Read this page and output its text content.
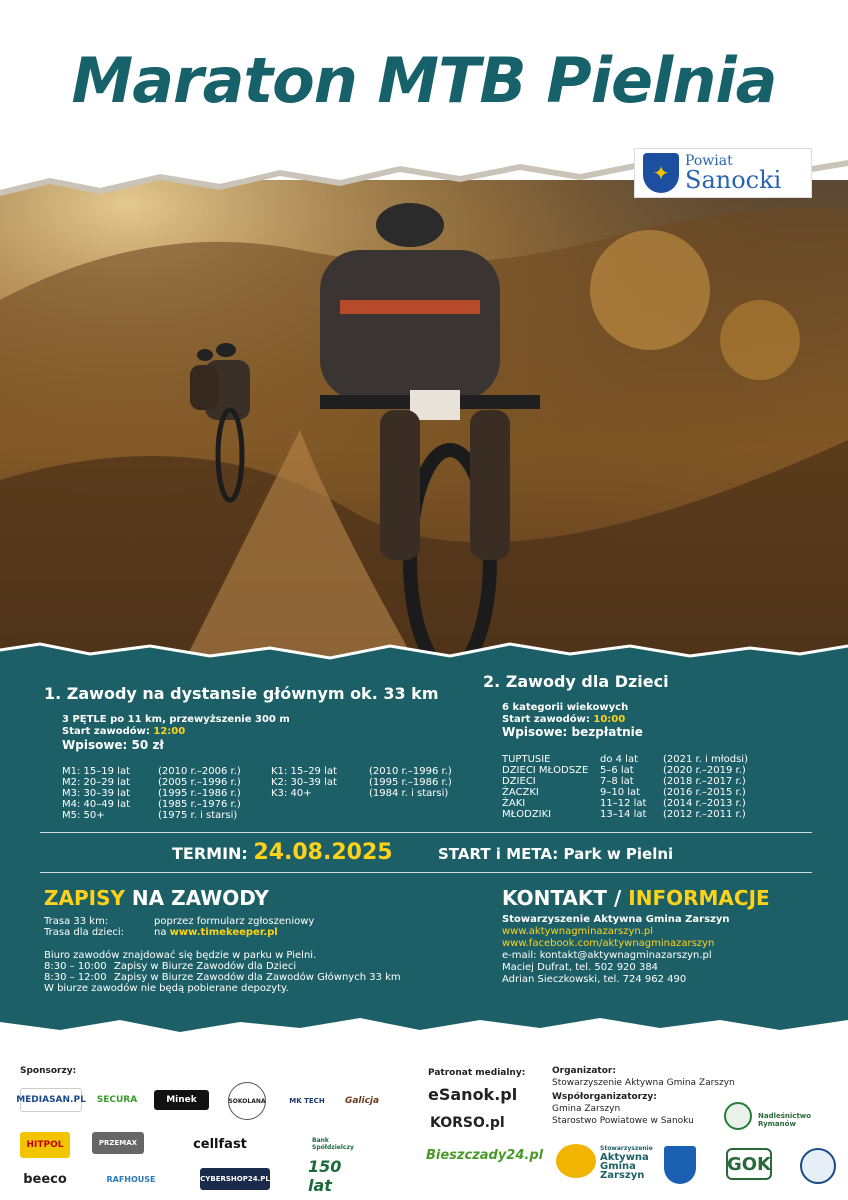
Maraton MTB Pielnia
✦	Powiat
Sanocki
1. Zawody na dystansie głównym ok. 33 km
3 PĘTLE po 11 km, przewyższenie 300 m
Start zawodów: 12:00
Wpisowe: 50 zł
M1: 15–19 lat	(2010 r.–2006 r.)
M2: 20–29 lat	(2005 r.–1996 r.)
M3: 30–39 lat	(1995 r.–1986 r.)
M4: 40–49 lat	(1985 r.–1976 r.)
M5: 50+	(1975 r. i starsi)
K1: 15–29 lat	(2010 r.–1996 r.)
K2: 30–39 lat	(1995 r.–1986 r.)
K3: 40+	(1984 r. i starsi)
2. Zawody dla Dzieci
6 kategorii wiekowych
Start zawodów: 10:00
Wpisowe: bezpłatnie
TUPTUSIE	do 4 lat (2021 r. i młodsi)
DZIECI MŁODSZE 5–6 lat	(2020 r.–2019 r.)
DZIECI	7–8 lat	(2018 r.–2017 r.)
ŻACZKI	9–10 lat (2016 r.–2015 r.)
ŻAKI	11–12 lat (2014 r.–2013 r.)
MŁODZIKI	13–14 lat (2012 r.–2011 r.)
TERMIN: 24.08.2025	START i META: Park w Pielni
ZAPISY NA ZAWODY
Trasa 33 km:	poprzez formularz zgłoszeniowy
Trasa dla dzieci:	na www.timekeeper.pl
Biuro zawodów znajdować się będzie w parku w Pielni.
8:30 – 10:00 Zapisy w Biurze Zawodów dla Dzieci
8:30 – 12:00 Zapisy w Biurze Zawodów dla Zawodów Głównych 33 km
W biurze zawodów nie będą pobierane depozyty.
KONTAKT / INFORMACJE
Stowarzyszenie Aktywna Gmina Zarszyn
www.aktywnagminazarszyn.pl
www.facebook.com/aktywnagminazarszyn
e-mail: kontakt@aktywnagminazarszyn.pl
Maciej Dufrat, tel. 502 920 384
Adrian Sieczkowski, tel. 724 962 490
Sponsorzy:
MEDIASAN.PL SECURA	Minek	SOKOLANA	MK TECH	Galicja
HITPOL	PRZEMAX	cellfast	Bank Spółdzielczy
beeco	RAFHOUSE	CYBERSHOP24.PL
150 lat
Patronat medialny:
eSanok.pl
KORSO.pl
Bieszczady24.pl
Organizator:
Stowarzyszenie Aktywna Gmina Zarszyn
Współorganizatorzy:
Gmina Zarszyn
Starostwo Powiatowe w Sanoku	Nadleśnictwo Rymanów
Stowarzyszenie
Aktywna
Gmina
Zarszyn
GOK
